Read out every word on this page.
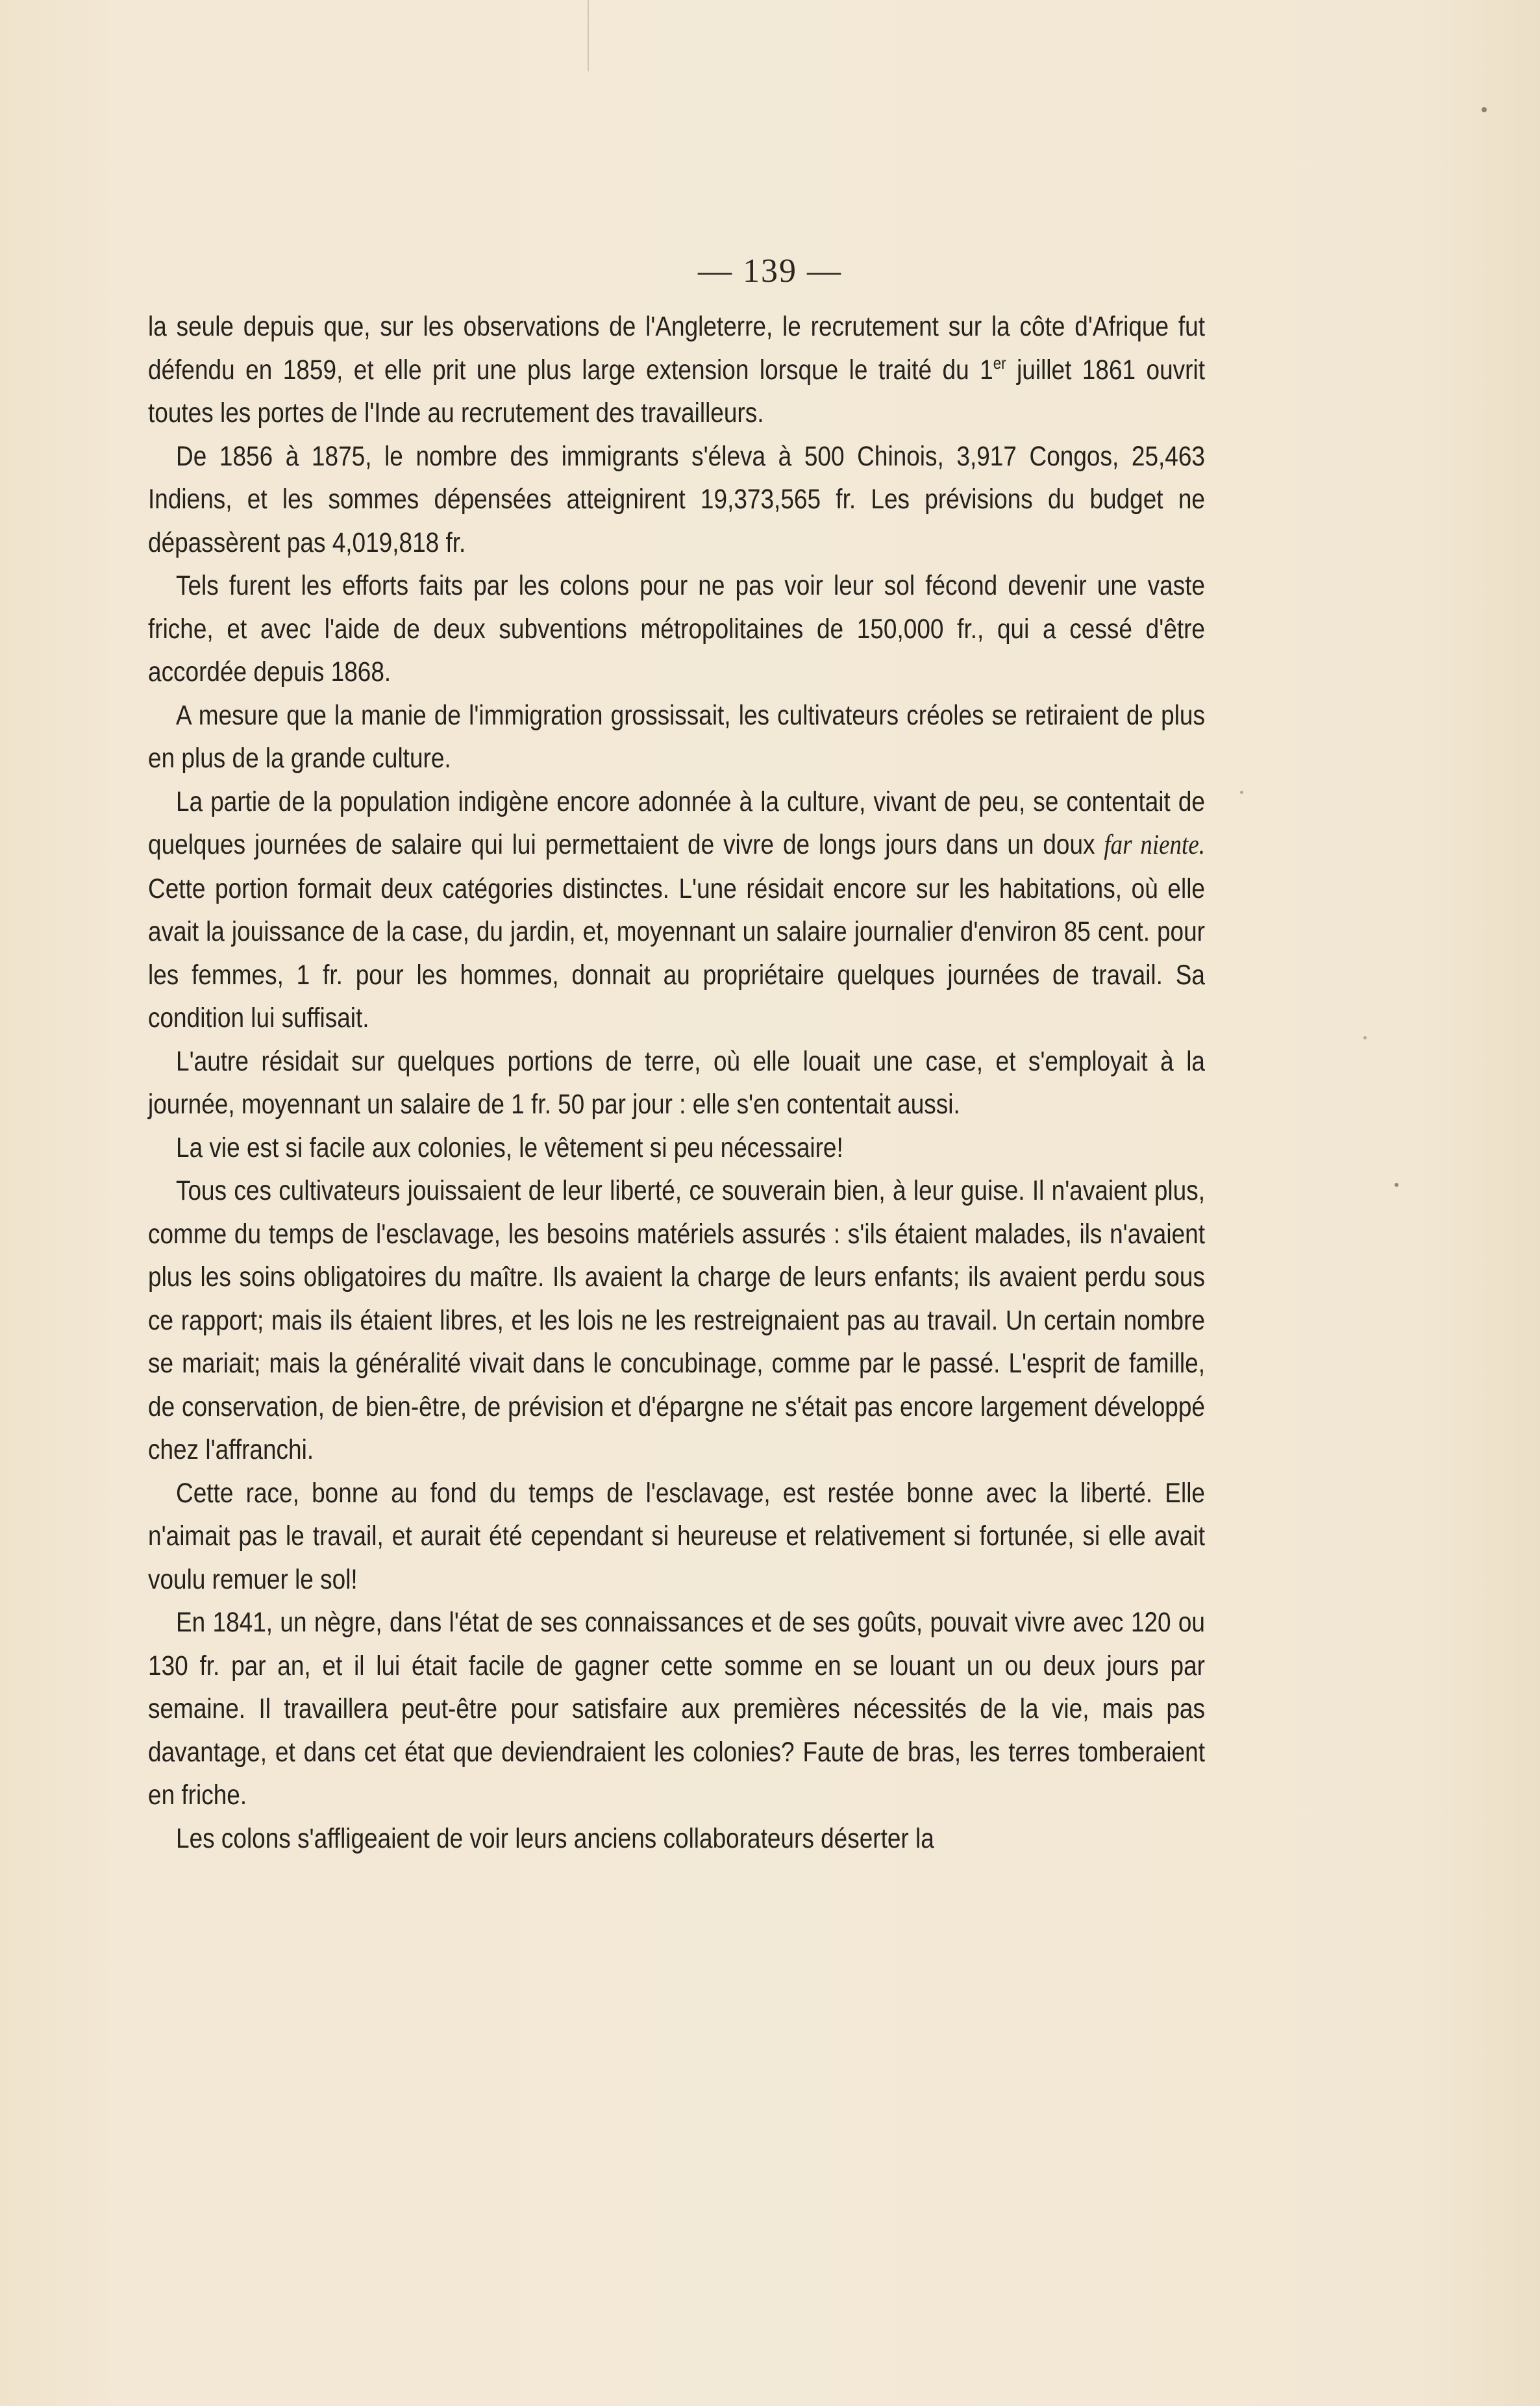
— 139 —

la seule depuis que, sur les observations de l'Angleterre, le recrutement sur la côte d'Afrique fut défendu en 1859, et elle prit une plus large extension lorsque le traité du 1er juillet 1861 ouvrit toutes les portes de l'Inde au recrutement des travailleurs.

De 1856 à 1875, le nombre des immigrants s'éleva à 500 Chinois, 3,917 Congos, 25,463 Indiens, et les sommes dépensées atteignirent 19,373,565 fr. Les prévisions du budget ne dépassèrent pas 4,019,818 fr.

Tels furent les efforts faits par les colons pour ne pas voir leur sol fécond devenir une vaste friche, et avec l'aide de deux subventions métropolitaines de 150,000 fr., qui a cessé d'être accordée depuis 1868.

A mesure que la manie de l'immigration grossissait, les cultivateurs créoles se retiraient de plus en plus de la grande culture.

La partie de la population indigène encore adonnée à la culture, vivant de peu, se contentait de quelques journées de salaire qui lui permettaient de vivre de longs jours dans un doux far niente. Cette portion formait deux catégories distinctes. L'une résidait encore sur les habitations, où elle avait la jouissance de la case, du jardin, et, moyennant un salaire journalier d'environ 85 cent. pour les femmes, 1 fr. pour les hommes, donnait au propriétaire quelques journées de travail. Sa condition lui suffisait.

L'autre résidait sur quelques portions de terre, où elle louait une case, et s'employait à la journée, moyennant un salaire de 1 fr. 50 par jour : elle s'en contentait aussi.

La vie est si facile aux colonies, le vêtement si peu nécessaire!

Tous ces cultivateurs jouissaient de leur liberté, ce souverain bien, à leur guise. Il n'avaient plus, comme du temps de l'esclavage, les besoins matériels assurés : s'ils étaient malades, ils n'avaient plus les soins obligatoires du maître. Ils avaient la charge de leurs enfants; ils avaient perdu sous ce rapport; mais ils étaient libres, et les lois ne les restreignaient pas au travail. Un certain nombre se mariait; mais la généralité vivait dans le concubinage, comme par le passé. L'esprit de famille, de conservation, de bien-être, de prévision et d'épargne ne s'était pas encore largement développé chez l'affranchi.

Cette race, bonne au fond du temps de l'esclavage, est restée bonne avec la liberté. Elle n'aimait pas le travail, et aurait été cependant si heureuse et relativement si fortunée, si elle avait voulu remuer le sol!

En 1841, un nègre, dans l'état de ses connaissances et de ses goûts, pouvait vivre avec 120 ou 130 fr. par an, et il lui était facile de gagner cette somme en se louant un ou deux jours par semaine. Il travaillera peut-être pour satisfaire aux premières nécessités de la vie, mais pas davantage, et dans cet état que deviendraient les colonies? Faute de bras, les terres tomberaient en friche.

Les colons s'affligeaient de voir leurs anciens collaborateurs déserter la
